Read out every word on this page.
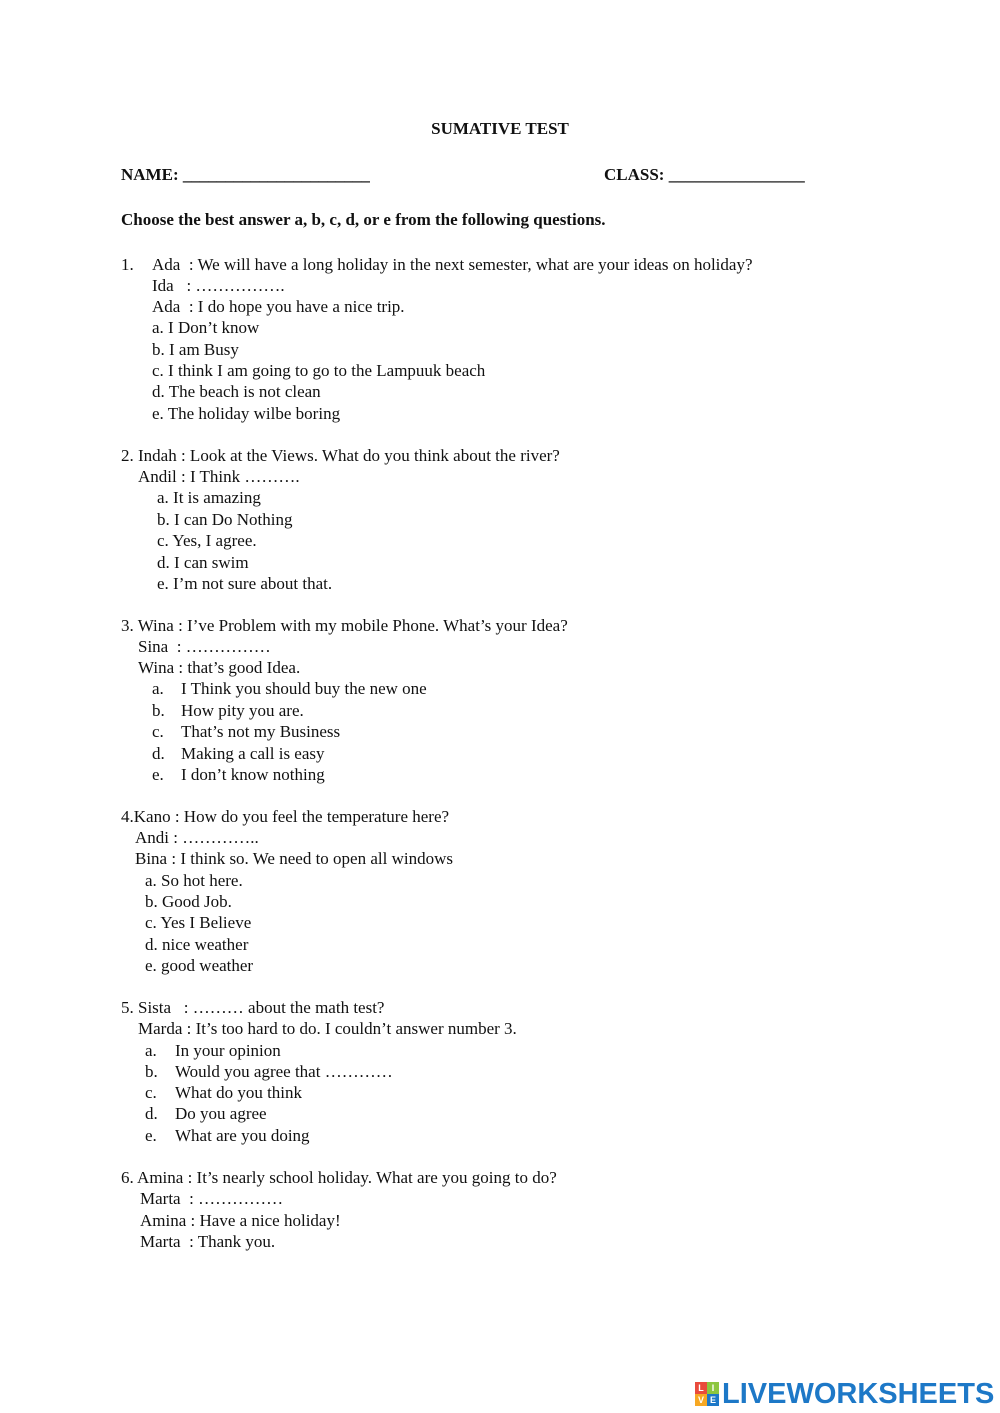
SUMATIVE TEST
NAME: ______________________	CLASS: ________________
Choose the best answer a, b, c, d, or e from the following questions.
1. Ada  : We will have a long holiday in the next semester, what are your ideas on holiday?
Ida   : …………….
Ada  : I do hope you have a nice trip.
a. I Don’t know
b. I am Busy
c. I think I am going to go to the Lampuuk beach
d. The beach is not clean
e. The holiday wilbe boring
2. Indah : Look at the Views. What do you think about the river?
Andil : I Think ……….
a. It is amazing
b. I can Do Nothing
c. Yes, I agree.
d. I can swim
e. I’m not sure about that.
3. Wina : I’ve Problem with my mobile Phone. What’s your Idea?
Sina  : ……………
Wina : that’s good Idea.
a. I Think you should buy the new one
b. How pity you are.
c. That’s not my Business
d. Making a call is easy
e. I don’t know nothing
4.Kano : How do you feel the temperature here?
Andi : …………..
Bina : I think so. We need to open all windows
a. So hot here.
b. Good Job.
c. Yes I Believe
d. nice weather
e. good weather
5. Sista   : ……… about the math test?
Marda : It’s too hard to do. I couldn’t answer number 3.
a. In your opinion
b. Would you agree that …………
c. What do you think
d. Do you agree
e. What are you doing
6. Amina : It’s nearly school holiday. What are you going to do?
Marta  : ……………
Amina : Have a nice holiday!
Marta  : Thank you.
L I
V E LIVEWORKSHEETS
